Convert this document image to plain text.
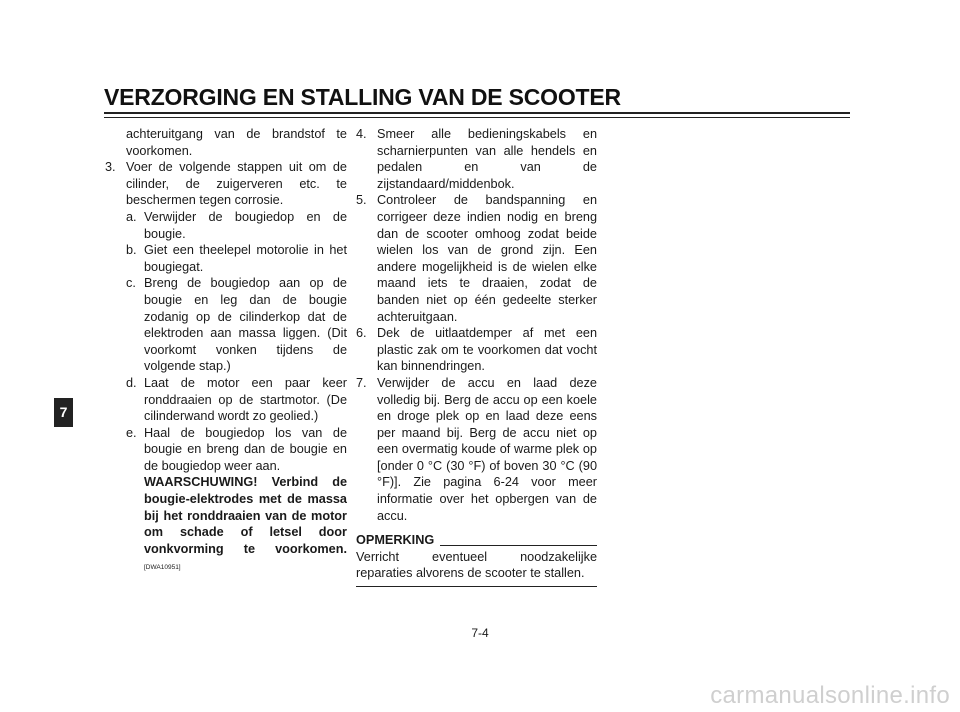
VERZORGING EN STALLING VAN DE SCOOTER
7
achteruitgang van de brandstof te voorkomen.
3. Voer de volgende stappen uit om de cilinder, de zuigerveren etc. te beschermen tegen corrosie.
a. Verwijder de bougiedop en de bougie.
b. Giet een theelepel motorolie in het bougiegat.
c. Breng de bougiedop aan op de bougie en leg dan de bougie zodanig op de cilinderkop dat de elektroden aan massa liggen. (Dit voorkomt vonken tijdens de volgende stap.)
d. Laat de motor een paar keer ronddraaien op de startmotor. (De cilinderwand wordt zo geolied.)
e. Haal de bougiedop los van de bougie en breng dan de bougie en de bougiedop weer aan.
WAARSCHUWING! Verbind de bougie-elektrodes met de massa bij het ronddraaien van de motor om schade of letsel door vonkvorming te voorkomen. [DWA10951]
4. Smeer alle bedieningskabels en scharnierpunten van alle hendels en pedalen en van de zijstandaard/middenbok.
5. Controleer de bandspanning en corrigeer deze indien nodig en breng dan de scooter omhoog zodat beide wielen los van de grond zijn. Een andere mogelijkheid is de wielen elke maand iets te draaien, zodat de banden niet op één gedeelte sterker achteruitgaan.
6. Dek de uitlaatdemper af met een plastic zak om te voorkomen dat vocht kan binnendringen.
7. Verwijder de accu en laad deze volledig bij. Berg de accu op een koele en droge plek op en laad deze eens per maand bij. Berg de accu niet op een overmatig koude of warme plek op [onder 0 °C (30 °F) of boven 30 °C (90 °F)]. Zie pagina 6-24 voor meer informatie over het opbergen van de accu.
OPMERKING
Verricht eventueel noodzakelijke reparaties alvorens de scooter te stallen.
7-4
carmanualsonline.info
